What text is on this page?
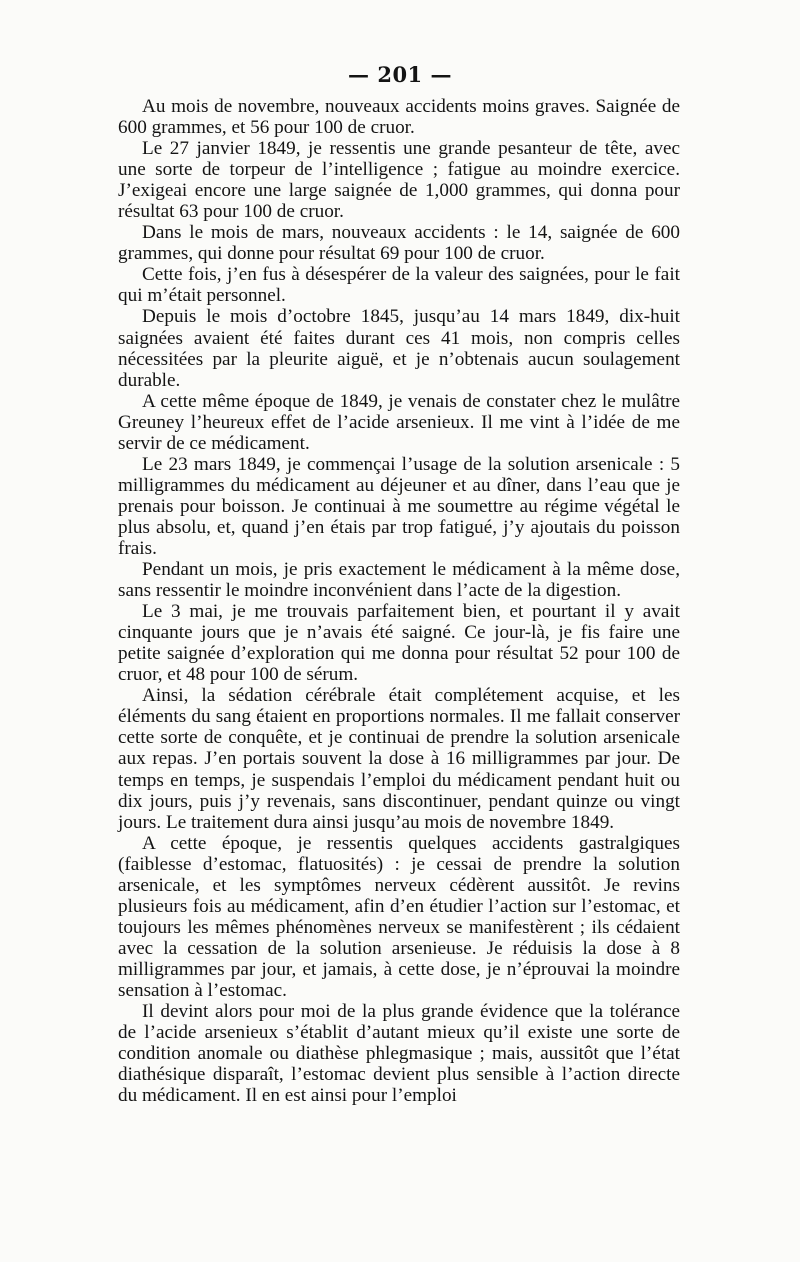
— 201 —

Au mois de novembre, nouveaux accidents moins graves. Saignée de 600 grammes, et 56 pour 100 de cruor.

Le 27 janvier 1849, je ressentis une grande pesanteur de tête, avec une sorte de torpeur de l’intelligence ; fatigue au moindre exercice. J’exigeai encore une large saignée de 1,000 grammes, qui donna pour résultat 63 pour 100 de cruor.

Dans le mois de mars, nouveaux accidents : le 14, saignée de 600 grammes, qui donne pour résultat 69 pour 100 de cruor.

Cette fois, j’en fus à désespérer de la valeur des saignées, pour le fait qui m’était personnel.

Depuis le mois d’octobre 1845, jusqu’au 14 mars 1849, dix-huit saignées avaient été faites durant ces 41 mois, non compris celles nécessitées par la pleurite aiguë, et je n’obtenais aucun soulagement durable.

A cette même époque de 1849, je venais de constater chez le mulâtre Greuney l’heureux effet de l’acide arsenieux. Il me vint à l’idée de me servir de ce médicament.

Le 23 mars 1849, je commençai l’usage de la solution arsenicale : 5 milligrammes du médicament au déjeuner et au dîner, dans l’eau que je prenais pour boisson. Je continuai à me soumettre au régime végétal le plus absolu, et, quand j’en étais par trop fatigué, j’y ajoutais du poisson frais.

Pendant un mois, je pris exactement le médicament à la même dose, sans ressentir le moindre inconvénient dans l’acte de la digestion.

Le 3 mai, je me trouvais parfaitement bien, et pourtant il y avait cinquante jours que je n’avais été saigné. Ce jour-là, je fis faire une petite saignée d’exploration qui me donna pour résultat 52 pour 100 de cruor, et 48 pour 100 de sérum.

Ainsi, la sédation cérébrale était complétement acquise, et les éléments du sang étaient en proportions normales. Il me fallait conserver cette sorte de conquête, et je continuai de prendre la solution arsenicale aux repas. J’en portais souvent la dose à 16 milligrammes par jour. De temps en temps, je suspendais l’emploi du médicament pendant huit ou dix jours, puis j’y revenais, sans discontinuer, pendant quinze ou vingt jours. Le traitement dura ainsi jusqu’au mois de novembre 1849.

A cette époque, je ressentis quelques accidents gastralgiques (faiblesse d’estomac, flatuosités) : je cessai de prendre la solution arsenicale, et les symptômes nerveux cédèrent aussitôt. Je revins plusieurs fois au médicament, afin d’en étudier l’action sur l’estomac, et toujours les mêmes phénomènes nerveux se manifestèrent ; ils cédaient avec la cessation de la solution arsenieuse. Je réduisis la dose à 8 milligrammes par jour, et jamais, à cette dose, je n’éprouvai la moindre sensation à l’estomac.

Il devint alors pour moi de la plus grande évidence que la tolérance de l’acide arsenieux s’établit d’autant mieux qu’il existe une sorte de condition anomale ou diathèse phlegmasique ; mais, aussitôt que l’état diathésique disparaît, l’estomac devient plus sensible à l’action directe du médicament. Il en est ainsi pour l’emploi
